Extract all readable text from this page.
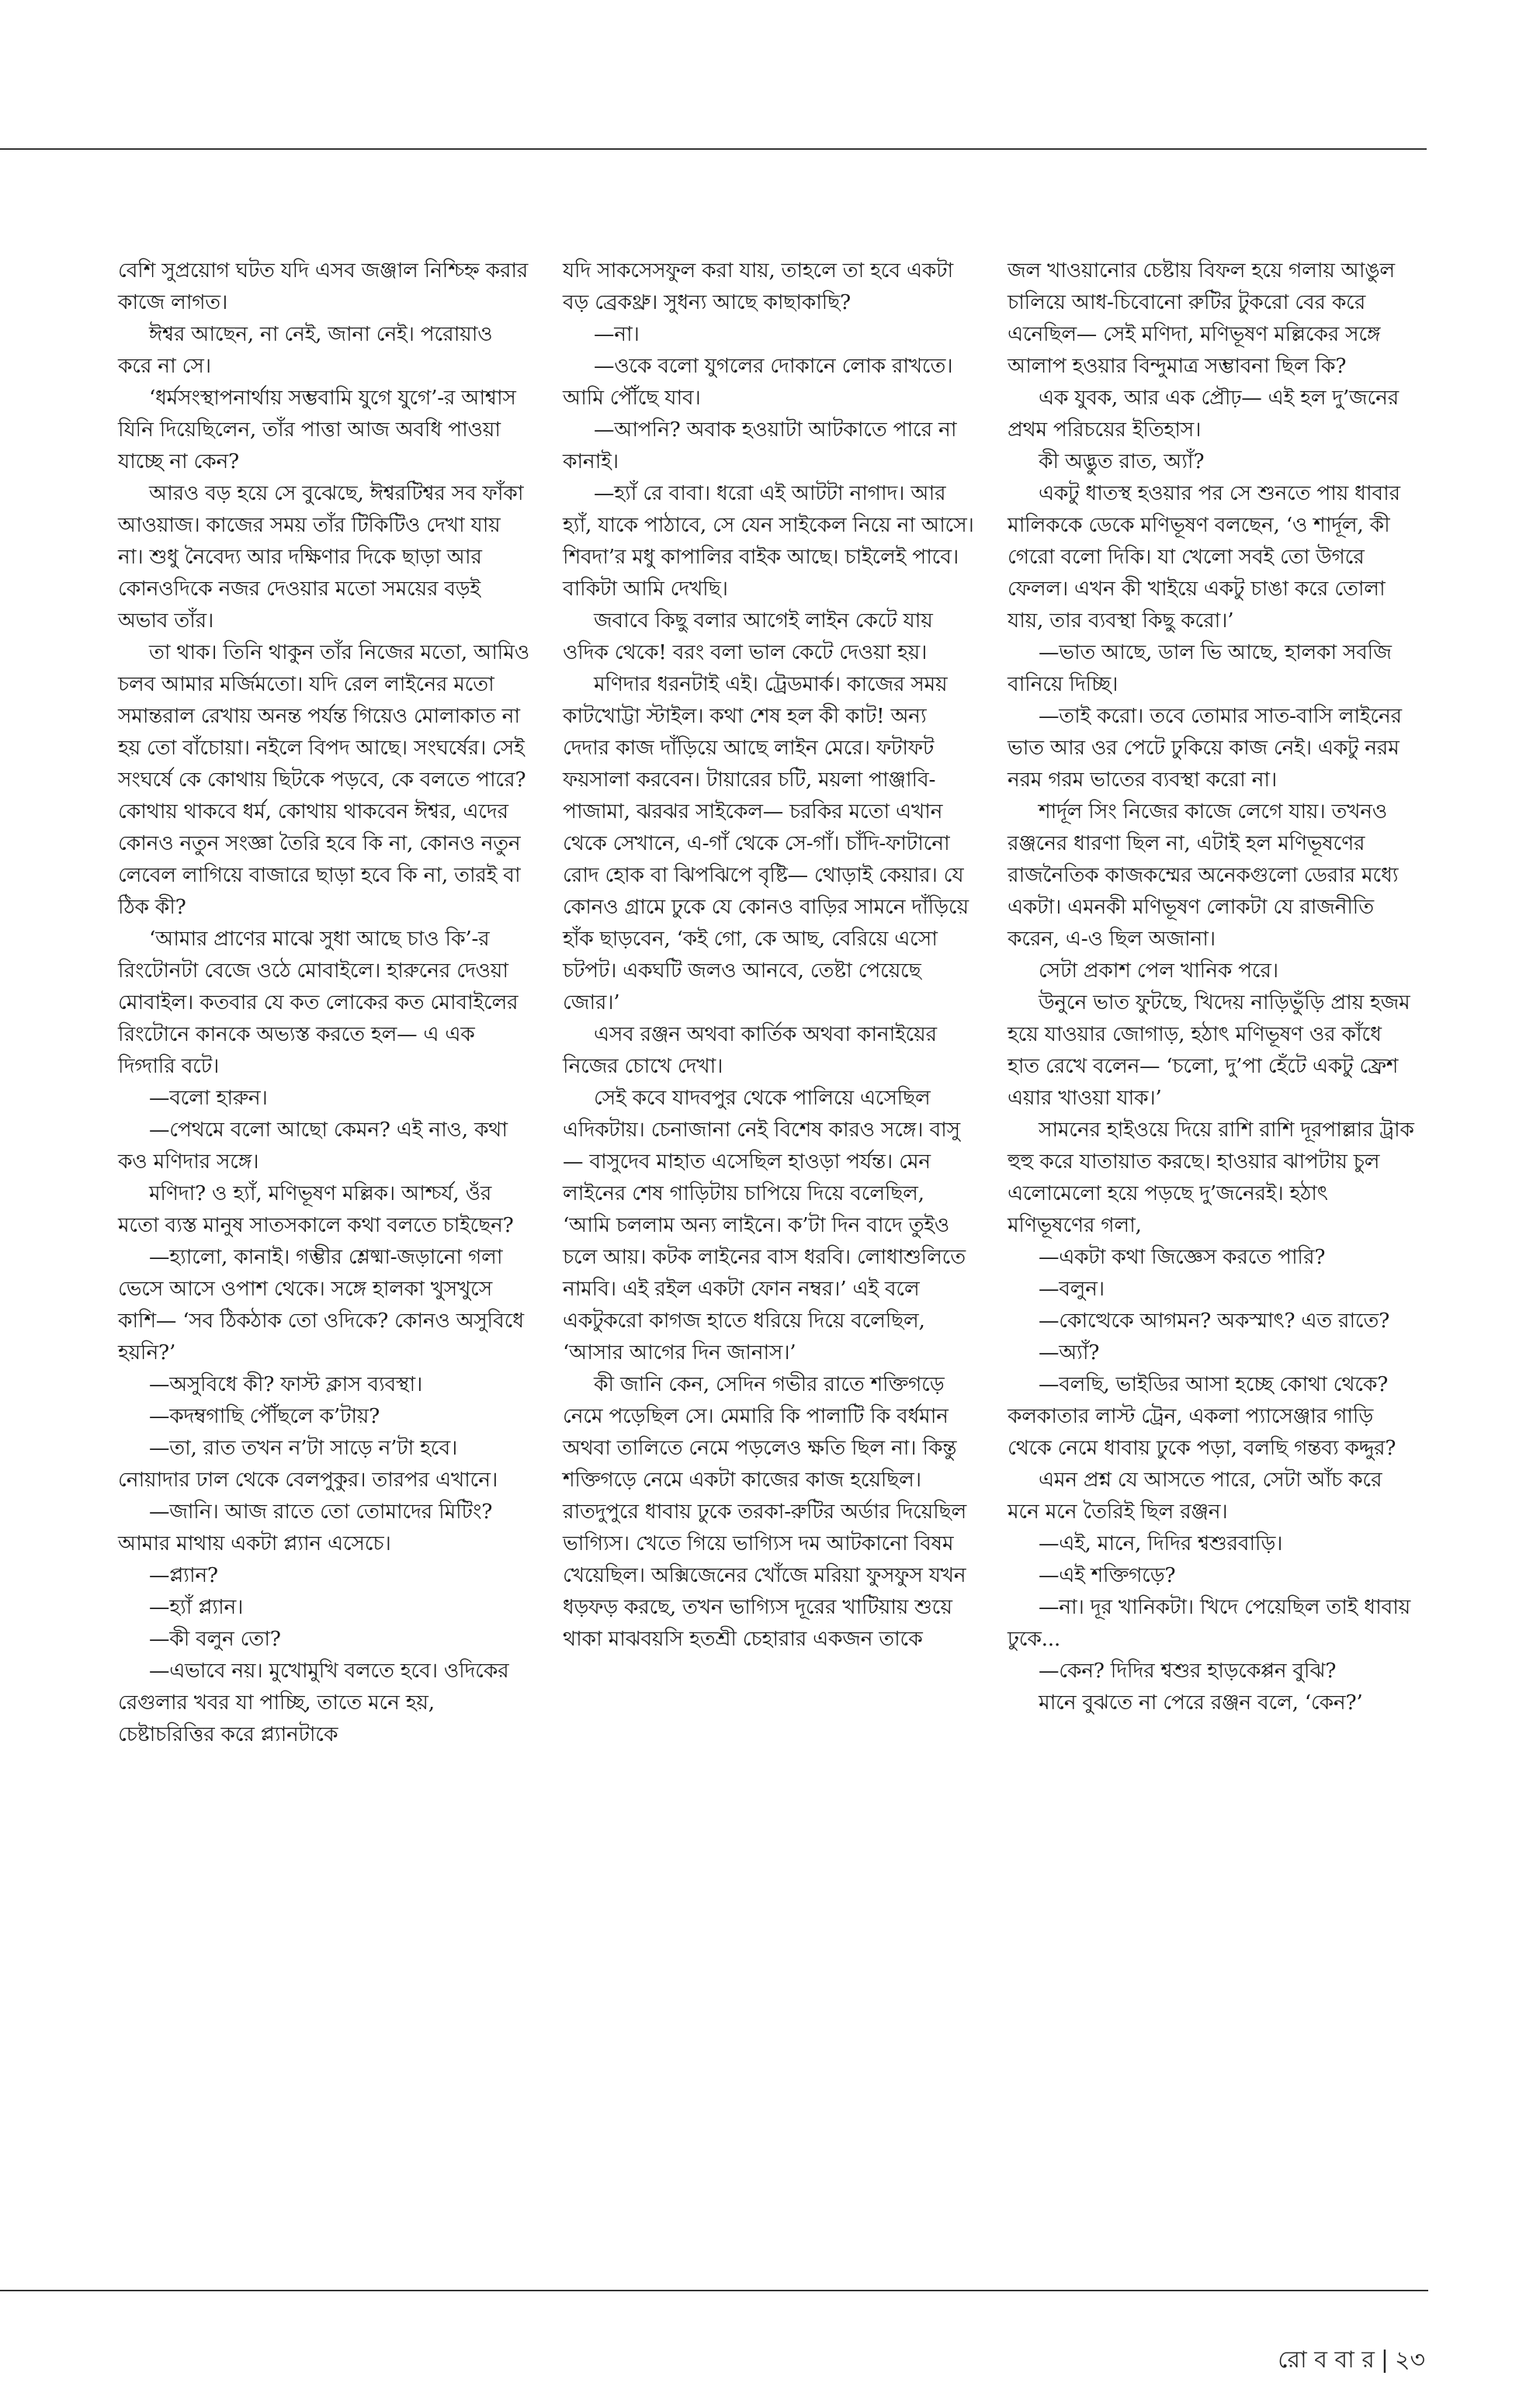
বেশি সুপ্রয়োগ ঘটত যদি এসব জঞ্জাল নিশ্চিহ্ন করার কাজে লাগত।

ঈশ্বর আছেন, না নেই, জানা নেই। পরোয়াও করে না সে।

‘ধর্মসংস্থাপনার্থায় সম্ভবামি যুগে যুগে’-র আশ্বাস যিনি দিয়েছিলেন, তাঁর পাত্তা আজ অবধি পাওয়া যাচ্ছে না কেন?

আরও বড় হয়ে সে বুঝেছে, ঈশ্বরটিশ্বর সব ফাঁকা আওয়াজ। কাজের সময় তাঁর টিকিটিও দেখা যায় না। শুধু নৈবেদ্য আর দক্ষিণার দিকে ছাড়া আর কোনওদিকে নজর দেওয়ার মতো সময়ের বড়ই অভাব তাঁর।

তা থাক। তিনি থাকুন তাঁর নিজের মতো, আমিও চলব আমার মর্জিমতো। যদি রেল লাইনের মতো সমান্তরাল রেখায় অনন্ত পর্যন্ত গিয়েও মোলাকাত না হয় তো বাঁচোয়া। নইলে বিপদ আছে। সংঘর্ষের। সেই সংঘর্ষে কে কোথায় ছিটকে পড়বে, কে বলতে পারে? কোথায় থাকবে ধর্ম, কোথায় থাকবেন ঈশ্বর, এদের কোনও নতুন সংজ্ঞা তৈরি হবে কি না, কোনও নতুন লেবেল লাগিয়ে বাজারে ছাড়া হবে কি না, তারই বা ঠিক কী?

‘আমার প্রাণের মাঝে সুধা আছে চাও কি’-র রিংটোনটা বেজে ওঠে মোবাইলে। হারুনের দেওয়া মোবাইল। কতবার যে কত লোকের কত মোবাইলের রিংটোনে কানকে অভ্যস্ত করতে হল— এ এক দিগ্দারি বটে।

—বলো হারুন।

—পেথমে বলো আছো কেমন? এই নাও, কথা কও মণিদার সঙ্গে।

মণিদা? ও হ্যাঁ, মণিভূষণ মল্লিক। আশ্চর্য, ওঁর মতো ব্যস্ত মানুষ সাতসকালে কথা বলতে চাইছেন?

—হ্যালো, কানাই। গম্ভীর শ্লেষ্মা-জড়ানো গলা ভেসে আসে ওপাশ থেকে। সঙ্গে হালকা খুসখুসে কাশি— ‘সব ঠিকঠাক তো ওদিকে? কোনও অসুবিধে হয়নি?’

—অসুবিধে কী? ফাস্ট ক্লাস ব্যবস্থা।

—কদম্বগাছি পৌঁছলে ক’টায়?

—তা, রাত তখন ন’টা সাড়ে ন’টা হবে। নোয়াদার ঢাল থেকে বেলপুকুর। তারপর এখানে।

—জানি। আজ রাতে তো তোমাদের মিটিং? আমার মাথায় একটা প্ল্যান এসেচে।

—প্ল্যান?

—হ্যাঁ প্ল্যান।

—কী বলুন তো?

—এভাবে নয়। মুখোমুখি বলতে হবে। ওদিকের রেগুলার খবর যা পাচ্ছি, তাতে মনে হয়, চেষ্টাচরিত্তির করে প্ল্যানটাকে

যদি সাকসেসফুল করা যায়, তাহলে তা হবে একটা বড় ব্রেকথ্রু। সুধন্য আছে কাছাকাছি?

—না।

—ওকে বলো যুগলের দোকানে লোক রাখতে। আমি পৌঁছে যাব।

—আপনি? অবাক হওয়াটা আটকাতে পারে না কানাই।

—হ্যাঁ রে বাবা। ধরো এই আটটা নাগাদ। আর হ্যাঁ, যাকে পাঠাবে, সে যেন সাইকেল নিয়ে না আসে। শিবদা’র মধু কাপালির বাইক আছে। চাইলেই পাবে। বাকিটা আমি দেখছি।

জবাবে কিছু বলার আগেই লাইন কেটে যায় ওদিক থেকে! বরং বলা ভাল কেটে দেওয়া হয়।

মণিদার ধরনটাই এই। ট্রেডমার্ক। কাজের সময় কাটখোট্টা স্টাইল। কথা শেষ হল কী কাট! অন্য দেদার কাজ দাঁড়িয়ে আছে লাইন মেরে। ফটাফট ফয়সালা করবেন। টায়ারের চটি, ময়লা পাঞ্জাবি-পাজামা, ঝরঝর সাইকেল— চরকির মতো এখান থেকে সেখানে, এ-গাঁ থেকে সে-গাঁ। চাঁদি-ফাটানো রোদ হোক বা ঝিপঝিপে বৃষ্টি— থোড়াই কেয়ার। যে কোনও গ্রামে ঢুকে যে কোনও বাড়ির সামনে দাঁড়িয়ে হাঁক ছাড়বেন, ‘কই গো, কে আছ, বেরিয়ে এসো চটপট। একঘটি জলও আনবে, তেষ্টা পেয়েছে জোর।’

এসব রঞ্জন অথবা কার্তিক অথবা কানাইয়ের নিজের চোখে দেখা।

সেই কবে যাদবপুর থেকে পালিয়ে এসেছিল এদিকটায়। চেনাজানা নেই বিশেষ কারও সঙ্গে। বাসু— বাসুদেব মাহাত এসেছিল হাওড়া পর্যন্ত। মেন লাইনের শেষ গাড়িটায় চাপিয়ে দিয়ে বলেছিল, ‘আমি চললাম অন্য লাইনে। ক’টা দিন বাদে তুইও চলে আয়। কটক লাইনের বাস ধরবি। লোধাশুলিতে নামবি। এই রইল একটা ফোন নম্বর।’ এই বলে একটুকরো কাগজ হাতে ধরিয়ে দিয়ে বলেছিল, ‘আসার আগের দিন জানাস।’

কী জানি কেন, সেদিন গভীর রাতে শক্তিগড়ে নেমে পড়েছিল সে। মেমারি কি পালাটি কি বর্ধমান অথবা তালিতে নেমে পড়লেও ক্ষতি ছিল না। কিন্তু শক্তিগড়ে নেমে একটা কাজের কাজ হয়েছিল। রাতদুপুরে ধাবায় ঢুকে তরকা-রুটির অর্ডার দিয়েছিল ভাগ্যিস। খেতে গিয়ে ভাগ্যিস দম আটকানো বিষম খেয়েছিল। অক্সিজেনের খোঁজে মরিয়া ফুসফুস যখন ধড়ফড় করছে, তখন ভাগ্যিস দূরের খাটিয়ায় শুয়ে থাকা মাঝবয়সি হতশ্রী চেহারার একজন তাকে

জল খাওয়ানোর চেষ্টায় বিফল হয়ে গলায় আঙুল চালিয়ে আধ-চিবোনো রুটির টুকরো বের করে এনেছিল— সেই মণিদা, মণিভূষণ মল্লিকের সঙ্গে আলাপ হওয়ার বিন্দুমাত্র সম্ভাবনা ছিল কি?

এক যুবক, আর এক প্রৌঢ়— এই হল দু’জনের প্রথম পরিচয়ের ইতিহাস।

কী অদ্ভুত রাত, অ্যাঁ?

একটু ধাতস্থ হওয়ার পর সে শুনতে পায় ধাবার মালিককে ডেকে মণিভূষণ বলছেন, ‘ও শার্দূল, কী গেরো বলো দিকি। যা খেলো সবই তো উগরে ফেলল। এখন কী খাইয়ে একটু চাঙা করে তোলা যায়, তার ব্যবস্থা কিছু করো।’

—ভাত আছে, ডাল ভি আছে, হালকা সবজি বানিয়ে দিচ্ছি।

—তাই করো। তবে তোমার সাত-বাসি লাইনের ভাত আর ওর পেটে ঢুকিয়ে কাজ নেই। একটু নরম নরম গরম ভাতের ব্যবস্থা করো না।

শার্দূল সিং নিজের কাজে লেগে যায়। তখনও রঞ্জনের ধারণা ছিল না, এটাই হল মণিভূষণের রাজনৈতিক কাজকম্মের অনেকগুলো ডেরার মধ্যে একটা। এমনকী মণিভূষণ লোকটা যে রাজনীতি করেন, এ-ও ছিল অজানা।

সেটা প্রকাশ পেল খানিক পরে।

উনুনে ভাত ফুটছে, খিদেয় নাড়িভুঁড়ি প্রায় হজম হয়ে যাওয়ার জোগাড়, হঠাৎ মণিভূষণ ওর কাঁধে হাত রেখে বলেন— ‘চলো, দু’পা হেঁটে একটু ফ্রেশ এয়ার খাওয়া যাক।’

সামনের হাইওয়ে দিয়ে রাশি রাশি দূরপাল্লার ট্রাক হুহু করে যাতায়াত করছে। হাওয়ার ঝাপটায় চুল এলোমেলো হয়ে পড়ছে দু’জনেরই। হঠাৎ মণিভূষণের গলা,

—একটা কথা জিজ্ঞেস করতে পারি?

—বলুন।

—কোত্থেকে আগমন? অকস্মাৎ? এত রাতে?

—অ্যাঁ?

—বলছি, ভাইডির আসা হচ্ছে কোথা থেকে? কলকাতার লাস্ট ট্রেন, একলা প্যাসেঞ্জার গাড়ি থেকে নেমে ধাবায় ঢুকে পড়া, বলছি গন্তব্য কদ্দুর?

এমন প্রশ্ন যে আসতে পারে, সেটা আঁচ করে মনে মনে তৈরিই ছিল রঞ্জন।

—এই, মানে, দিদির শ্বশুরবাড়ি।

—এই শক্তিগড়ে?

—না। দূর খানিকটা। খিদে পেয়েছিল তাই ধাবায় ঢুকে...

—কেন? দিদির শ্বশুর হাড়কেপ্পন বুঝি?

মানে বুঝতে না পেরে রঞ্জন বলে, ‘কেন?’

রো ব বা র | ২৩
